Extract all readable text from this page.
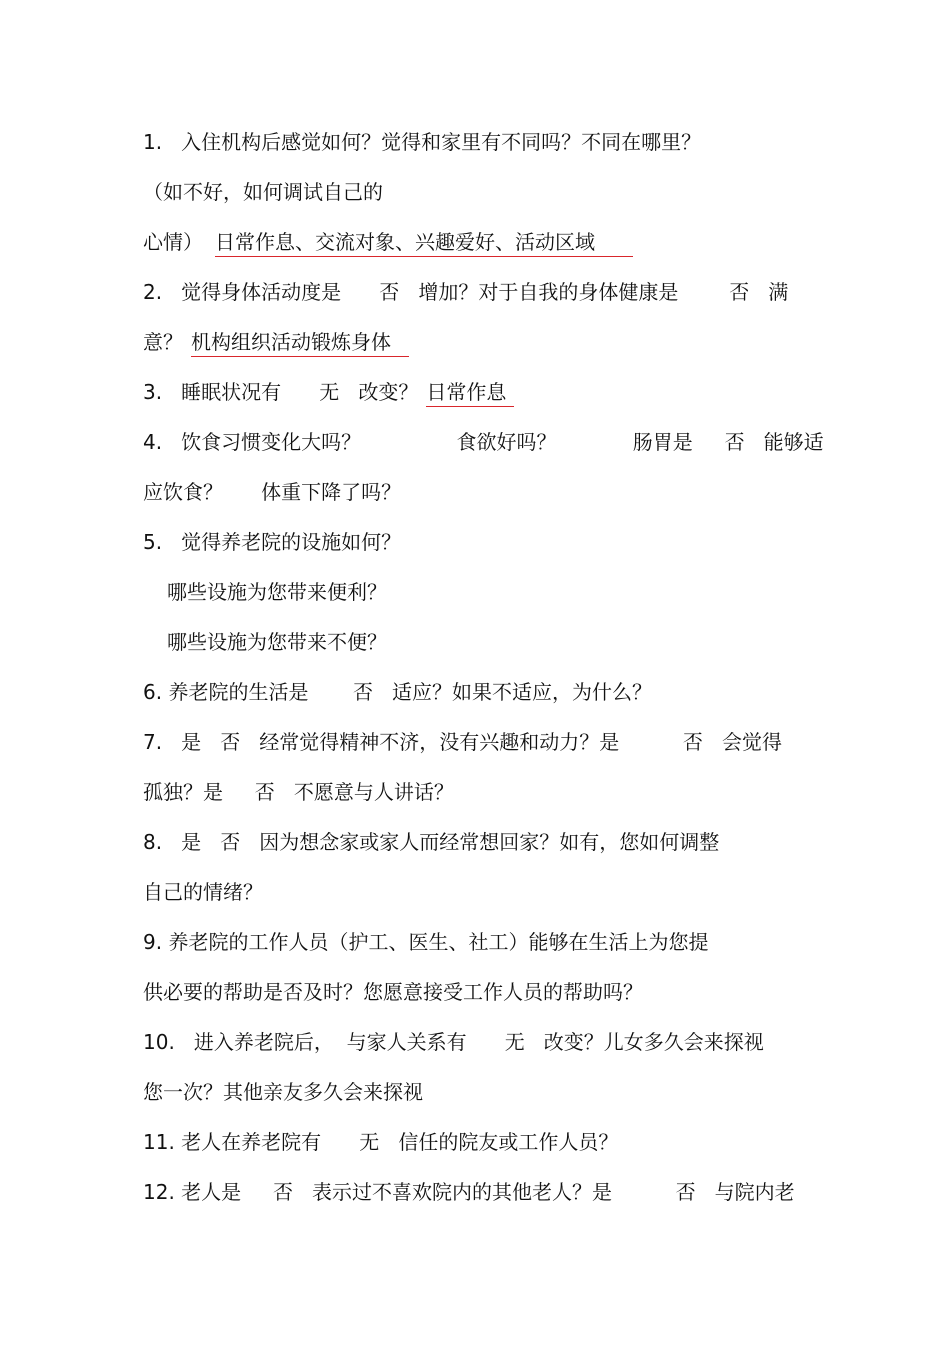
1.   入住机构后感觉如何？觉得和家里有不同吗？不同在哪里？
（如不好，如何调试自己的
心情） 日常作息、交流对象、兴趣爱好、活动区域
2.   觉得身体活动度是      否   增加？对于自我的身体健康是        否   满
意？ 机构组织活动锻炼身体
3.   睡眠状况有      无   改变？ 日常作息
4.   饮食习惯变化大吗？               食欲好吗？            肠胃是     否   能够适
应饮食？      体重下降了吗？
5.   觉得养老院的设施如何？
哪些设施为您带来便利？
哪些设施为您带来不便？
6. 养老院的生活是       否   适应？如果不适应，为什么？
7.   是   否   经常觉得精神不济，没有兴趣和动力？是          否   会觉得
孤独？是     否   不愿意与人讲话？
8.   是   否   因为想念家或家人而经常想回家？如有，您如何调整
自己的情绪？
9. 养老院的工作人员（护工、医生、社工）能够在生活上为您提
供必要的帮助是否及时？您愿意接受工作人员的帮助吗？
10.   进入养老院后，  与家人关系有      无   改变？儿女多久会来探视
您一次？其他亲友多久会来探视
11. 老人在养老院有      无   信任的院友或工作人员？
12. 老人是     否   表示过不喜欢院内的其他老人？是          否   与院内老
